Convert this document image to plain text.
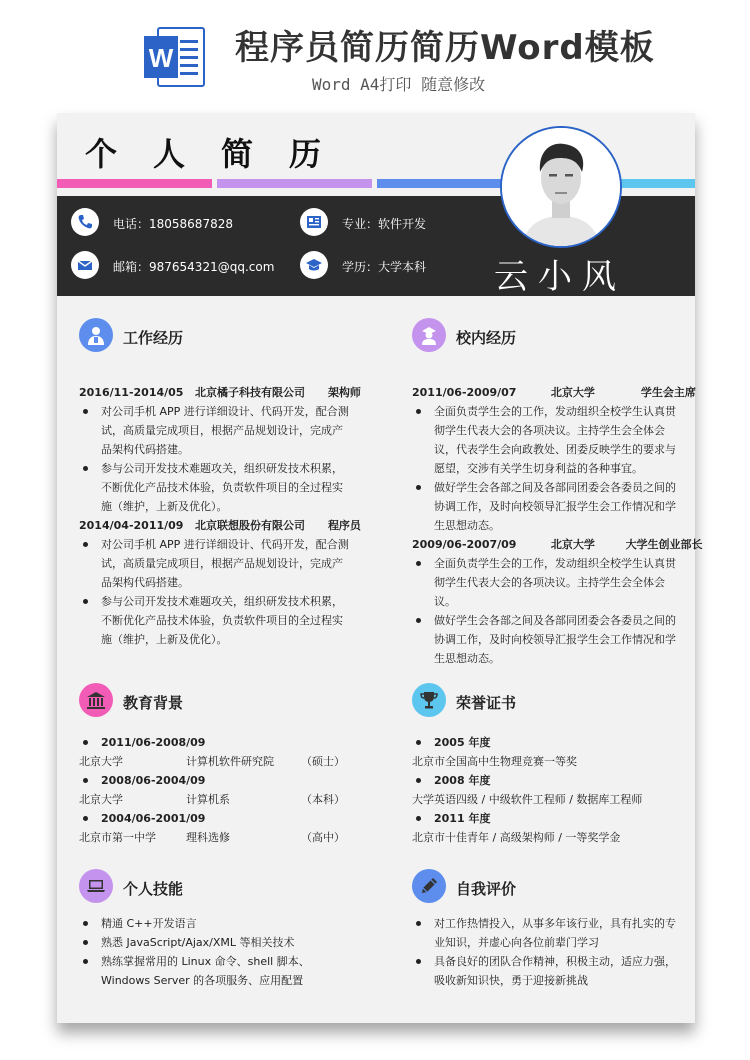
W 程序员简历简历Word模板
Word A4打印 随意修改
个人简历
电话：18058687828
邮箱：987654321@qq.com
专业：软件开发
学历：大学本科 云小风
工作经历
2016/11-2014/05 北京橘子科技有限公司 架构师
对公司手机 APP 进行详细设计、代码开发，配合测试，高质量完成项目，根据产品规划设计，完成产品架构代码搭建。
参与公司开发技术难题攻关，组织研发技术积累，不断优化产品技术体验，负责软件项目的全过程实施（维护，上新及优化）。
2014/04-2011/09 北京联想股份有限公司 程序员
对公司手机 APP 进行详细设计、代码开发，配合测试，高质量完成项目，根据产品规划设计，完成产品架构代码搭建。
参与公司开发技术难题攻关，组织研发技术积累，不断优化产品技术体验，负责软件项目的全过程实施（维护，上新及优化）。
校内经历
2011/06-2009/07	北京大学	学生会主席
全面负责学生会的工作，发动组织全校学生认真贯彻学生代表大会的各项决议。主持学生会全体会议，代表学生会向政教处、团委反映学生的要求与愿望，交涉有关学生切身利益的各种事宜。
做好学生会各部之间及各部同团委会各委员之间的协调工作，及时向校领导汇报学生会工作情况和学生思想动态。
2009/06-2007/09	北京大学	大学生创业部长
全面负责学生会的工作，发动组织全校学生认真贯彻学生代表大会的各项决议。主持学生会全体会议。
做好学生会各部之间及各部同团委会各委员之间的协调工作，及时向校领导汇报学生会工作情况和学生思想动态。
教育背景
2011/06-2008/09
北京大学	计算机软件研究院 （硕士）
2008/06-2004/09
北京大学	计算机系	（本科）
2004/06-2001/09
北京市第一中学	理科选修	（高中）
荣誉证书
2005 年度
北京市全国高中生物理竞赛一等奖
2008 年度
大学英语四级 / 中级软件工程师 / 数据库工程师
2011 年度
北京市十佳青年 / 高级架构师 / 一等奖学金
个人技能
精通 C++开发语言
熟悉 JavaScript/Ajax/XML 等相关技术
熟练掌握常用的 Linux 命令、shell 脚本、Windows Server 的各项服务、应用配置
自我评价
对工作热情投入，从事多年该行业，具有扎实的专业知识，并虚心向各位前辈门学习
具备良好的团队合作精神，积极主动，适应力强，吸收新知识快，勇于迎接新挑战
